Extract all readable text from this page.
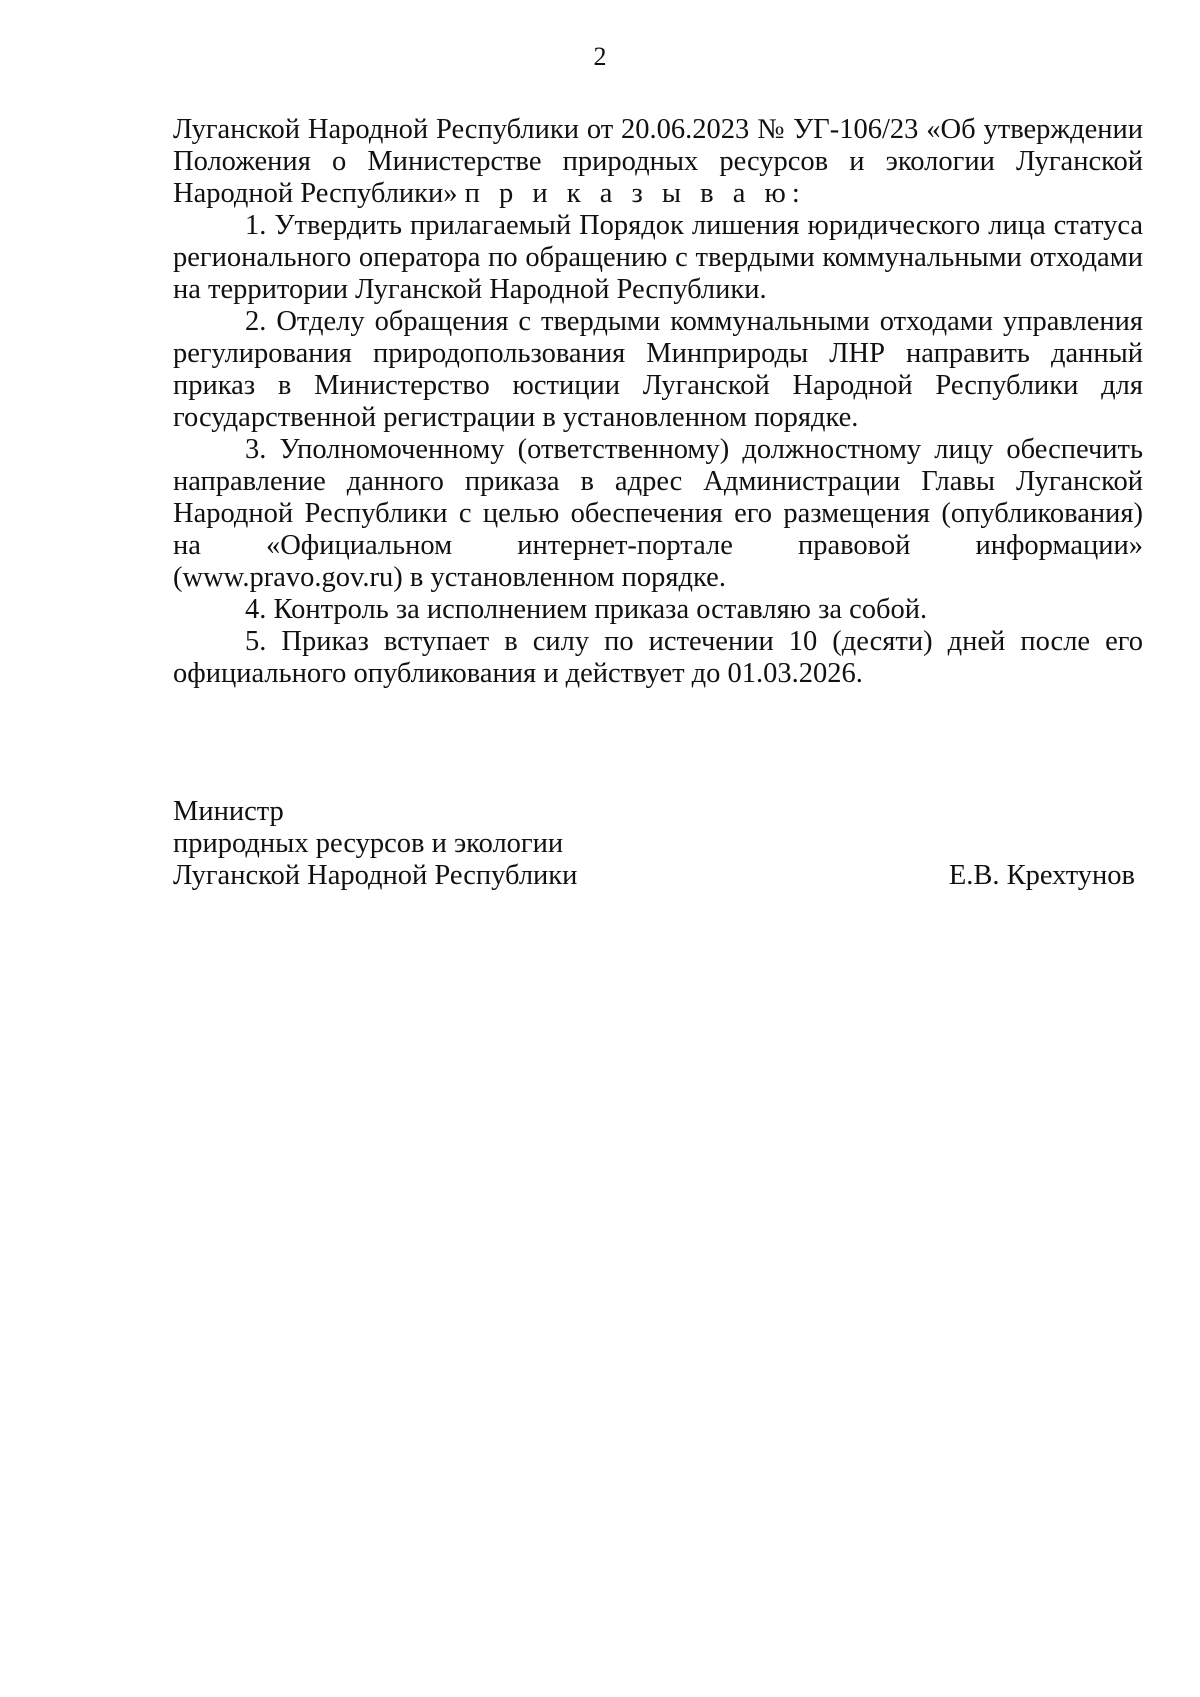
2

Луганской Народной Республики от 20.06.2023 № УГ-106/23 «Об утверждении Положения о Министерстве природных ресурсов и экологии Луганской Народной Республики» п р и к а з ы в а ю:

1. Утвердить прилагаемый Порядок лишения юридического лица статуса регионального оператора по обращению с твердыми коммунальными отходами на территории Луганской Народной Республики.

2. Отделу обращения с твердыми коммунальными отходами управления регулирования природопользования Минприроды ЛНР направить данный приказ в Министерство юстиции Луганской Народной Республики для государственной регистрации в установленном порядке.

3. Уполномоченному (ответственному) должностному лицу обеспечить направление данного приказа в адрес Администрации Главы Луганской Народной Республики с целью обеспечения его размещения (опубликования) на «Официальном интернет-портале правовой информации» (www.pravo.gov.ru) в установленном порядке.

4. Контроль за исполнением приказа оставляю за собой.

5. Приказ вступает в силу по истечении 10 (десяти) дней после его официального опубликования и действует до 01.03.2026.

Министр
природных ресурсов и экологии
Луганской Народной Республики	Е.В. Крехтунов
